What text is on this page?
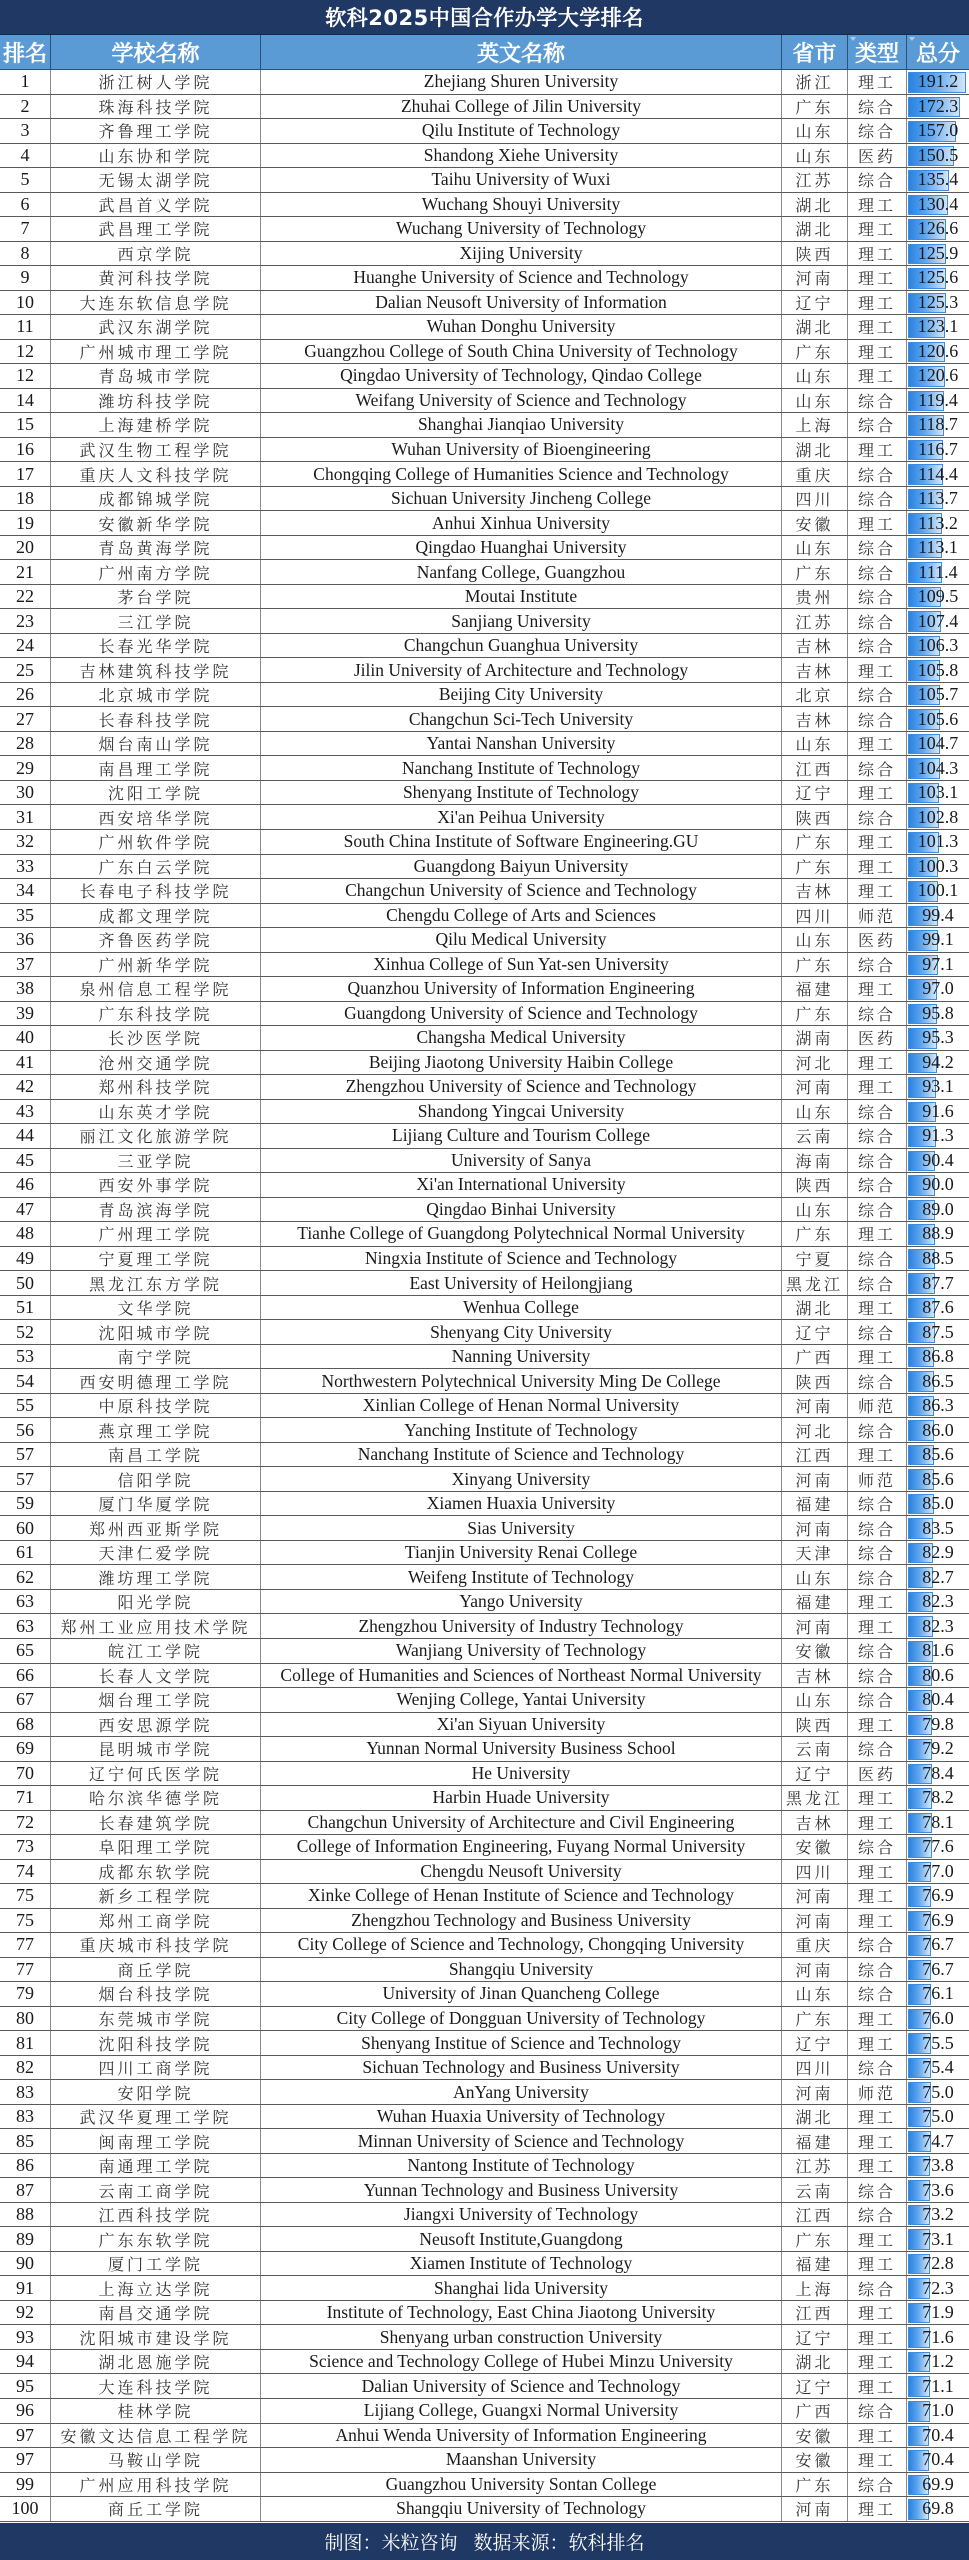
软科2025中国合作办学大学排名
排名	学校名称	英文名称	省市 类型 总分
1	浙江树人学院	Zhejiang Shuren University	浙江	理工	191.2
2	珠海科技学院	Zhuhai College of Jilin University	广东	综合	172.3
3	齐鲁理工学院	Qilu Institute of Technology	山东	综合	157.0
4	山东协和学院	Shandong Xiehe University	山东	医药	150.5
5	无锡太湖学院	Taihu University of Wuxi	江苏	综合	135.4
6	武昌首义学院	Wuchang Shouyi University	湖北	理工	130.4
7	武昌理工学院	Wuchang University of Technology	湖北	理工	126.6
8	西京学院	Xijing University	陕西	理工	125.9
9	黄河科技学院	Huanghe University of Science and Technology	河南	理工	125.6
10	大连东软信息学院	Dalian Neusoft University of Information	辽宁	理工	125.3
11	武汉东湖学院	Wuhan Donghu University	湖北	理工	123.1
12	广州城市理工学院	Guangzhou College of South China University of Technology	广东	理工	120.6
12	青岛城市学院	Qingdao University of Technology, Qindao College	山东	理工	120.6
14	潍坊科技学院	Weifang University of Science and Technology	山东	综合	119.4
15	上海建桥学院	Shanghai Jianqiao University	上海	综合	118.7
16	武汉生物工程学院	Wuhan University of Bioengineering	湖北	理工	116.7
17	重庆人文科技学院	Chongqing College of Humanities Science and Technology	重庆	综合	114.4
18	成都锦城学院	Sichuan University Jincheng College	四川	综合	113.7
19	安徽新华学院	Anhui Xinhua University	安徽	理工	113.2
20	青岛黄海学院	Qingdao Huanghai University	山东	综合	113.1
21	广州南方学院	Nanfang College, Guangzhou	广东	综合	111.4
22	茅台学院	Moutai Institute	贵州	综合	109.5
23	三江学院	Sanjiang University	江苏	综合	107.4
24	长春光华学院	Changchun Guanghua University	吉林	综合	106.3
25	吉林建筑科技学院	Jilin University of Architecture and Technology	吉林	理工	105.8
26	北京城市学院	Beijing City University	北京	综合	105.7
27	长春科技学院	Changchun Sci-Tech University	吉林	综合	105.6
28	烟台南山学院	Yantai Nanshan University	山东	理工	104.7
29	南昌理工学院	Nanchang Institute of Technology	江西	综合	104.3
30	沈阳工学院	Shenyang Institute of Technology	辽宁	理工	103.1
31	西安培华学院	Xi'an Peihua University	陕西	综合	102.8
32	广州软件学院	South China Institute of Software Engineering.GU	广东	理工	101.3
33	广东白云学院	Guangdong Baiyun University	广东	理工	100.3
34	长春电子科技学院	Changchun University of Science and Technology	吉林	理工	100.1
35	成都文理学院	Chengdu College of Arts and Sciences	四川	师范	99.4
36	齐鲁医药学院	Qilu Medical University	山东	医药	99.1
37	广州新华学院	Xinhua College of Sun Yat-sen University	广东	综合	97.1
38	泉州信息工程学院	Quanzhou University of Information Engineering	福建	理工	97.0
39	广东科技学院	Guangdong University of Science and Technology	广东	综合	95.8
40	长沙医学院	Changsha Medical University	湖南	医药	95.3
41	沧州交通学院	Beijing Jiaotong University Haibin College	河北	理工	94.2
42	郑州科技学院	Zhengzhou University of Science and Technology	河南	理工	93.1
43	山东英才学院	Shandong Yingcai University	山东	综合	91.6
44	丽江文化旅游学院	Lijiang Culture and Tourism College	云南	综合	91.3
45	三亚学院	University of Sanya	海南	综合	90.4
46	西安外事学院	Xi'an International University	陕西	综合	90.0
47	青岛滨海学院	Qingdao Binhai University	山东	综合	89.0
48	广州理工学院	Tianhe College of Guangdong Polytechnical Normal University	广东	理工	88.9
49	宁夏理工学院	Ningxia Institute of Science and Technology	宁夏	综合	88.5
50	黑龙江东方学院	East University of Heilongjiang	黑龙江 综合	87.7
51	文华学院	Wenhua College	湖北	理工	87.6
52	沈阳城市学院	Shenyang City University	辽宁	综合	87.5
53	南宁学院	Nanning University	广西	理工	86.8
54	西安明德理工学院	Northwestern Polytechnical University Ming De College	陕西	综合	86.5
55	中原科技学院	Xinlian College of Henan Normal University	河南	师范	86.3
56	燕京理工学院	Yanching Institute of Technology	河北	综合	86.0
57	南昌工学院	Nanchang Institute of Science and Technology	江西	理工	85.6
57	信阳学院	Xinyang University	河南	师范	85.6
59	厦门华厦学院	Xiamen Huaxia University	福建	综合	85.0
60	郑州西亚斯学院	Sias University	河南	综合	83.5
61	天津仁爱学院	Tianjin University Renai College	天津	综合	82.9
62	潍坊理工学院	Weifeng Institute of Technology	山东	综合	82.7
63	阳光学院	Yango University	福建	理工	82.3
63	郑州工业应用技术学院	Zhengzhou University of Industry Technology	河南	理工	82.3
65	皖江工学院	Wanjiang University of Technology	安徽	综合	81.6
66	长春人文学院	College of Humanities and Sciences of Northeast Normal University	吉林	综合	80.6
67	烟台理工学院	Wenjing College, Yantai University	山东	综合	80.4
68	西安思源学院	Xi'an Siyuan University	陕西	理工	79.8
69	昆明城市学院	Yunnan Normal University Business School	云南	综合	79.2
70	辽宁何氏医学院	He University	辽宁	医药	78.4
71	哈尔滨华德学院	Harbin Huade University	黑龙江 理工	78.2
72	长春建筑学院	Changchun University of Architecture and Civil Engineering	吉林	理工	78.1
73	阜阳理工学院	College of Information Engineering, Fuyang Normal University	安徽	综合	77.6
74	成都东软学院	Chengdu Neusoft University	四川	理工	77.0
75	新乡工程学院	Xinke College of Henan Institute of Science and Technology	河南	理工	76.9
75	郑州工商学院	Zhengzhou Technology and Business University	河南	理工	76.9
77	重庆城市科技学院	City College of Science and Technology, Chongqing University	重庆	综合	76.7
77	商丘学院	Shangqiu University	河南	综合	76.7
79	烟台科技学院	University of Jinan Quancheng College	山东	综合	76.1
80	东莞城市学院	City College of Dongguan University of Technology	广东	理工	76.0
81	沈阳科技学院	Shenyang Institue of Science and Technology	辽宁	理工	75.5
82	四川工商学院	Sichuan Technology and Business University	四川	综合	75.4
83	安阳学院	AnYang University	河南	师范	75.0
83	武汉华夏理工学院	Wuhan Huaxia University of Technology	湖北	理工	75.0
85	闽南理工学院	Minnan University of Science and Technology	福建	理工	74.7
86	南通理工学院	Nantong Institute of Technology	江苏	理工	73.8
87	云南工商学院	Yunnan Technology and Business University	云南	综合	73.6
88	江西科技学院	Jiangxi University of Technology	江西	综合	73.2
89	广东东软学院	Neusoft Institute,Guangdong	广东	理工	73.1
90	厦门工学院	Xiamen Institute of Technology	福建	理工	72.8
91	上海立达学院	Shanghai lida University	上海	综合	72.3
92	南昌交通学院	Institute of Technology, East China Jiaotong University	江西	理工	71.9
93	沈阳城市建设学院	Shenyang urban construction University	辽宁	理工	71.6
94	湖北恩施学院	Science and Technology College of Hubei Minzu University	湖北	理工	71.2
95	大连科技学院	Dalian University of Science and Technology	辽宁	理工	71.1
96	桂林学院	Lijiang College, Guangxi Normal University	广西	综合	71.0
97	安徽文达信息工程学院	Anhui Wenda University of Information Engineering	安徽	理工	70.4
97	马鞍山学院	Maanshan University	安徽	理工	70.4
99	广州应用科技学院	Guangzhou University Sontan College	广东	综合	69.9
100	商丘工学院	Shangqiu University of Technology	河南	理工	69.8
制图：米粒咨询 数据来源：软科排名
